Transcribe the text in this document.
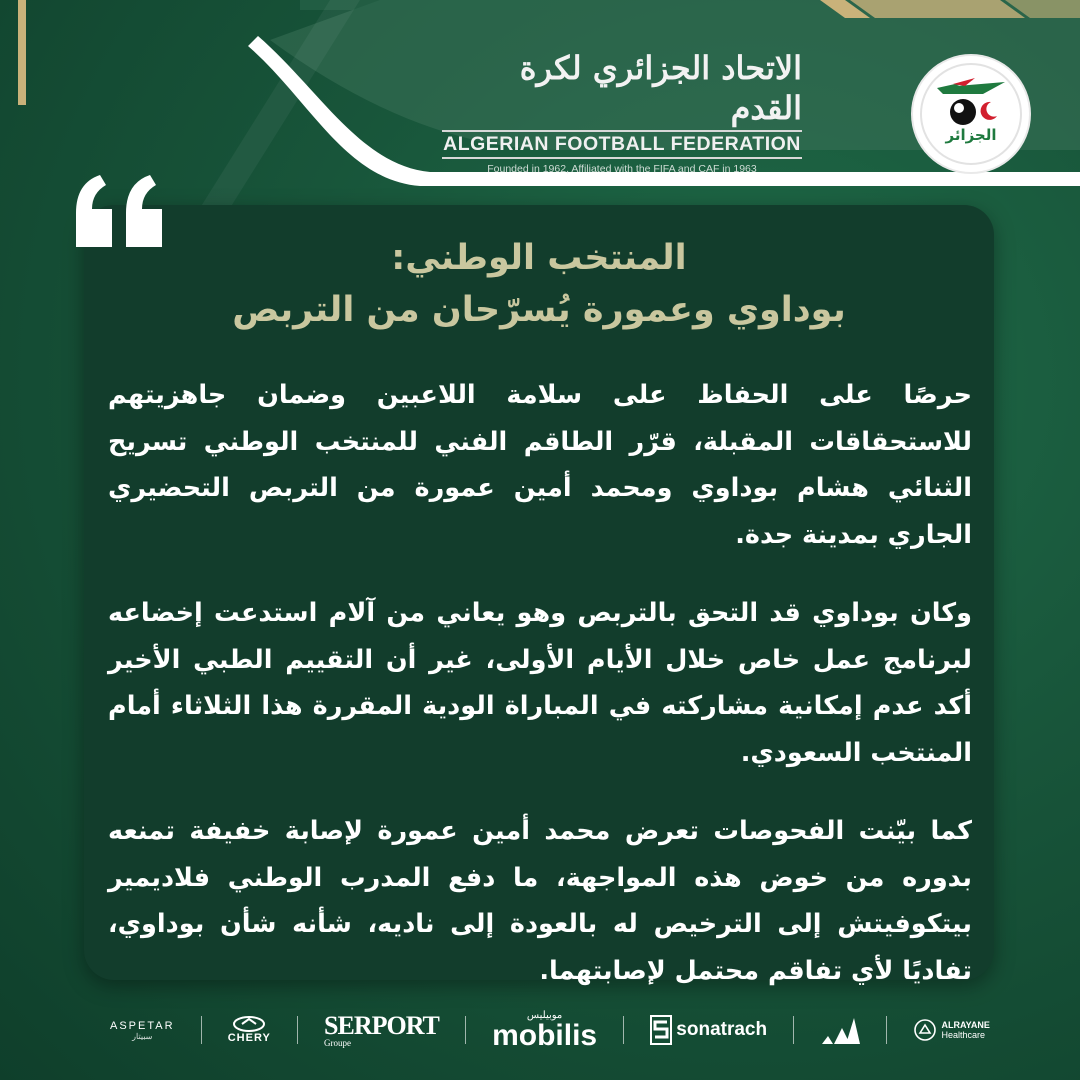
الاتحاد الجزائري لكرة القدم
ALGERIAN FOOTBALL FEDERATION
Founded in 1962, Affiliated with the FIFA and CAF in 1963
الجزائر
المنتخب الوطني:
بوداوي وعمورة يُسرّحان من التربص

حرصًا على الحفاظ على سلامة اللاعبين وضمان جاهزيتهم للاستحقاقات المقبلة، قرّر الطاقم الفني للمنتخب الوطني تسريح الثنائي هشام بوداوي ومحمد أمين عمورة من التربص التحضيري الجاري بمدينة جدة.

وكان بوداوي قد التحق بالتربص وهو يعاني من آلام استدعت إخضاعه لبرنامج عمل خاص خلال الأيام الأولى، غير أن التقييم الطبي الأخير أكد عدم إمكانية مشاركته في المباراة الودية المقررة هذا الثلاثاء أمام المنتخب السعودي.

كما بيّنت الفحوصات تعرض محمد أمين عمورة لإصابة خفيفة تمنعه بدوره من خوض هذه المواجهة، ما دفع المدرب الوطني فلاديمير بيتكوفيتش إلى الترخيص له بالعودة إلى ناديه، شأنه شأن بوداوي، تفاديًا لأي تفاقم محتمل لإصابتهما.

ASPETAR
سبيتار	CHERY SERPORT
Groupe
موبيليس
mobilis	sonatrach	ALRAYANE
Healthcare
